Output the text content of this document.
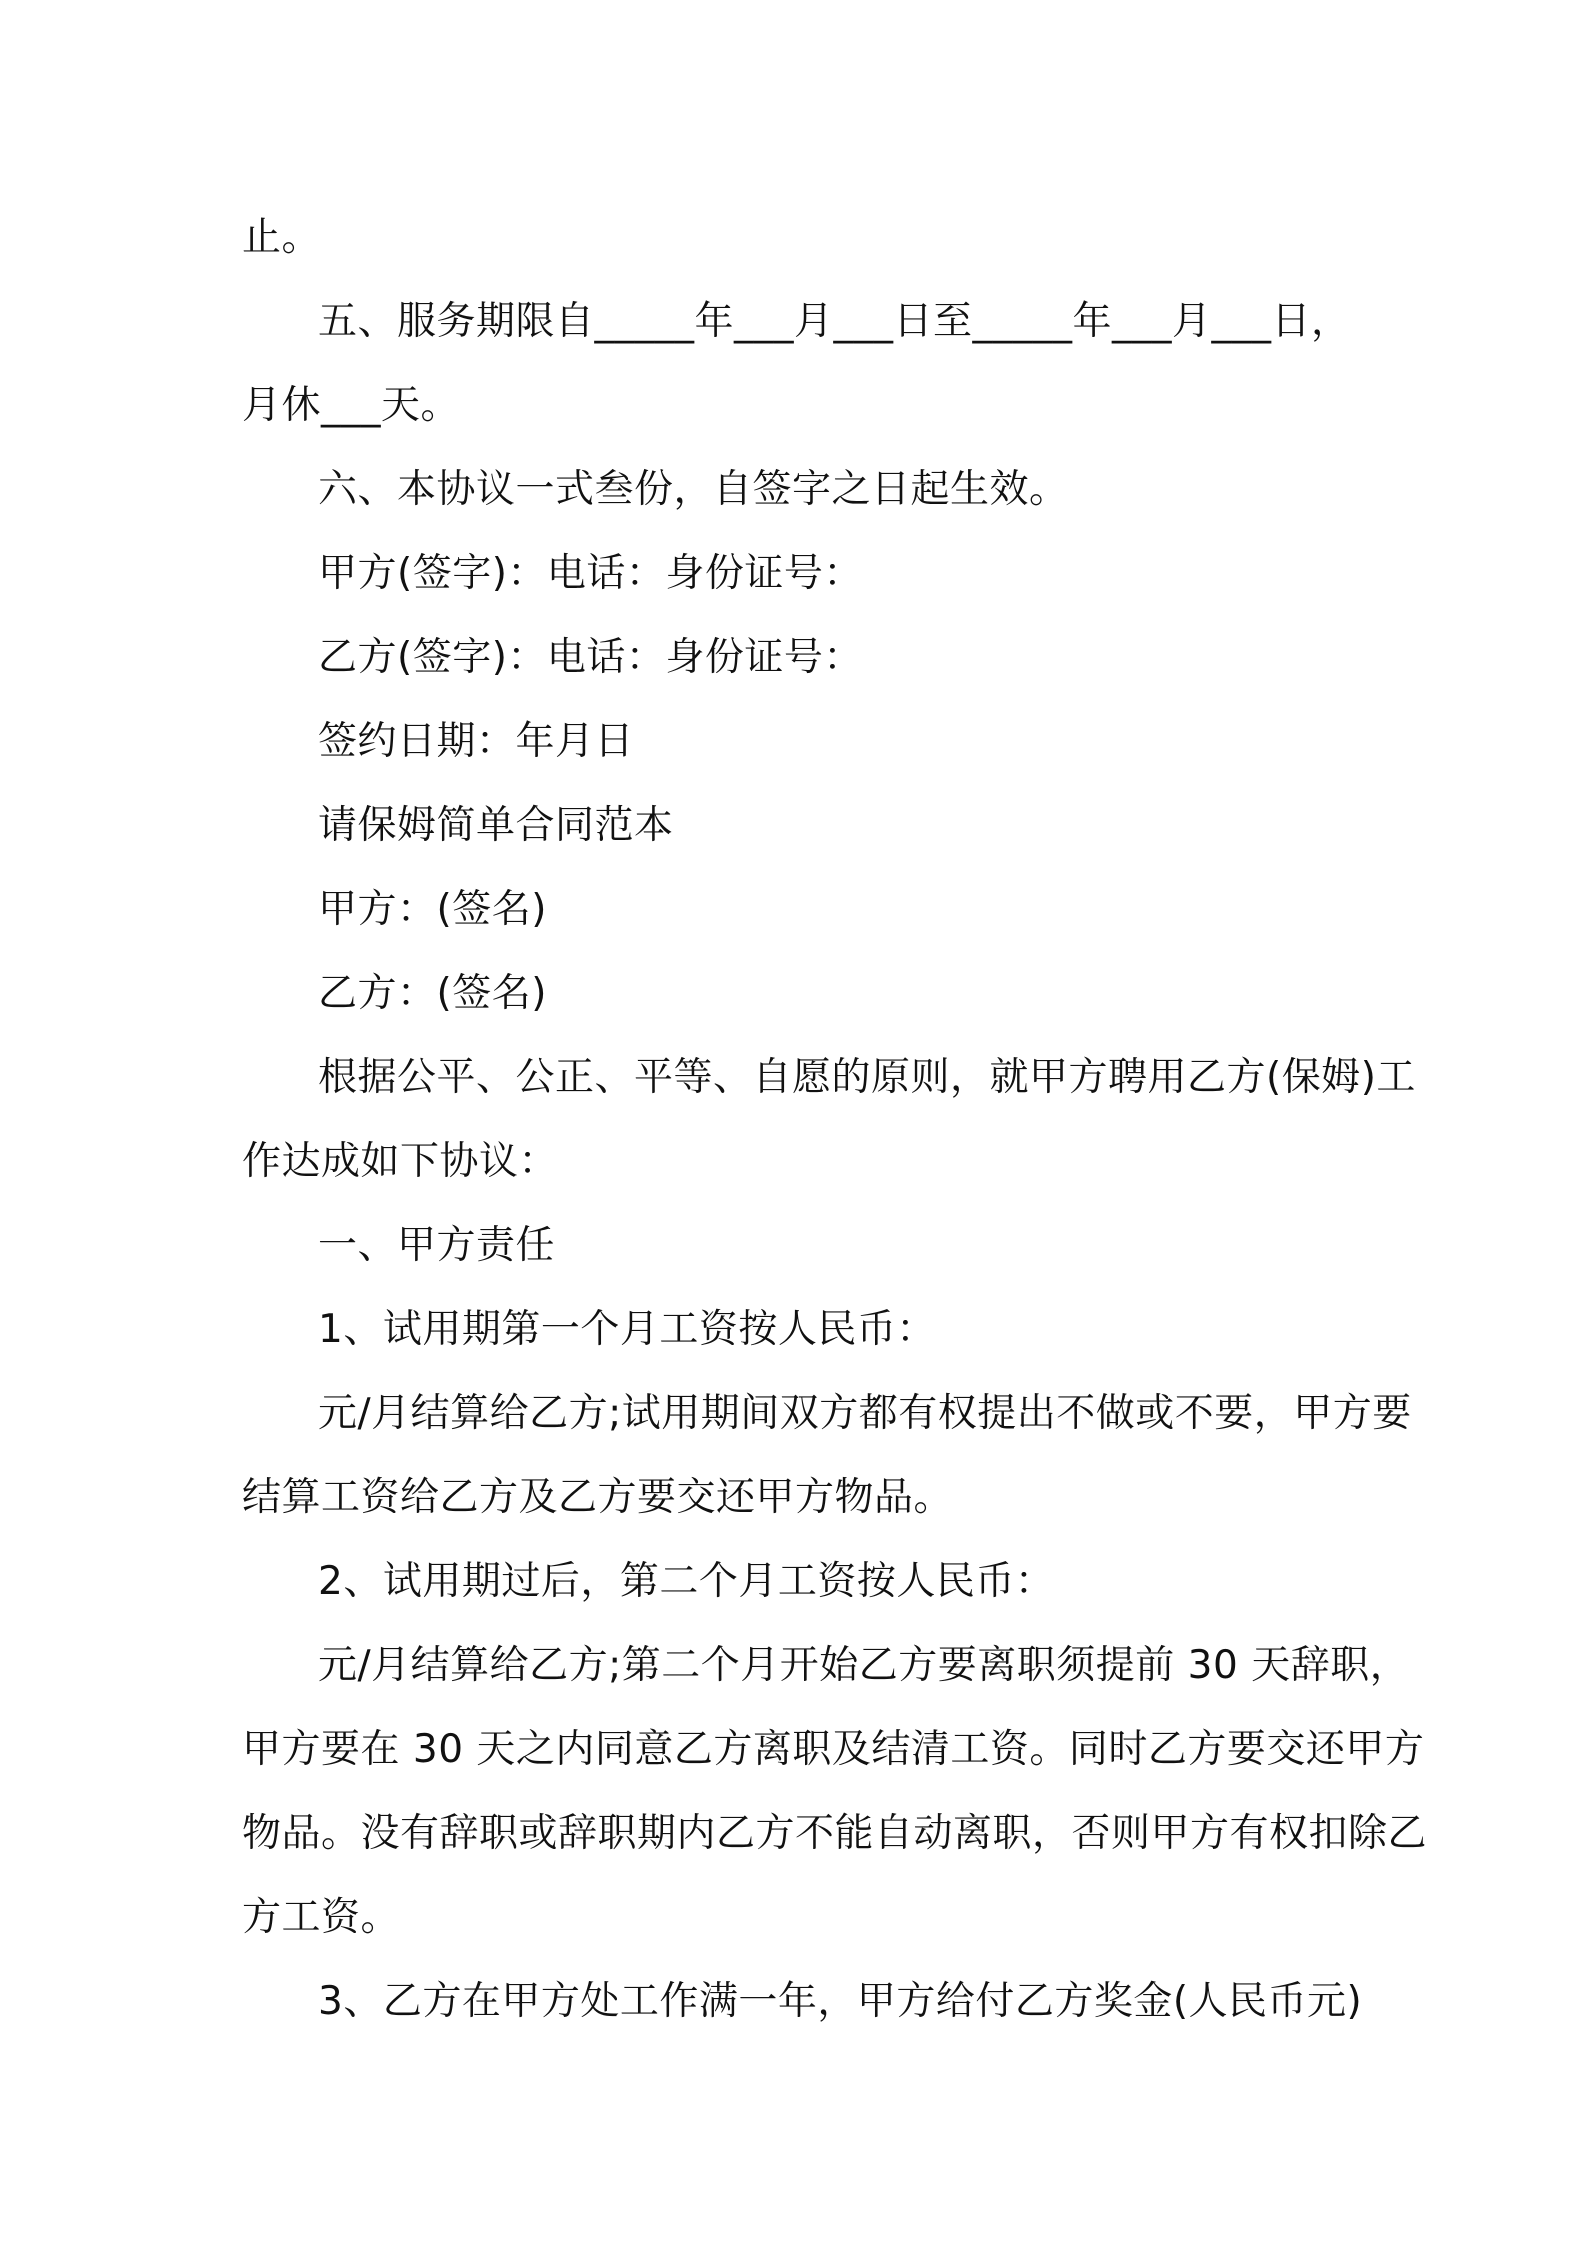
止。
五、服务期限自_____年___月___日至_____年___月___日，
月休___天。
六、本协议一式叁份，自签字之日起生效。
甲方(签字)：电话：身份证号：
乙方(签字)：电话：身份证号：
签约日期：年月日
请保姆简单合同范本
甲方：(签名)
乙方：(签名)
根据公平、公正、平等、自愿的原则，就甲方聘用乙方(保姆)工
作达成如下协议：
一、甲方责任
1、试用期第一个月工资按人民币：
元/月结算给乙方;试用期间双方都有权提出不做或不要，甲方要
结算工资给乙方及乙方要交还甲方物品。
2、试用期过后，第二个月工资按人民币：
元/月结算给乙方;第二个月开始乙方要离职须提前 30 天辞职，
甲方要在 30 天之内同意乙方离职及结清工资。同时乙方要交还甲方
物品。没有辞职或辞职期内乙方不能自动离职，否则甲方有权扣除乙
方工资。
3、乙方在甲方处工作满一年，甲方给付乙方奖金(人民币元)
